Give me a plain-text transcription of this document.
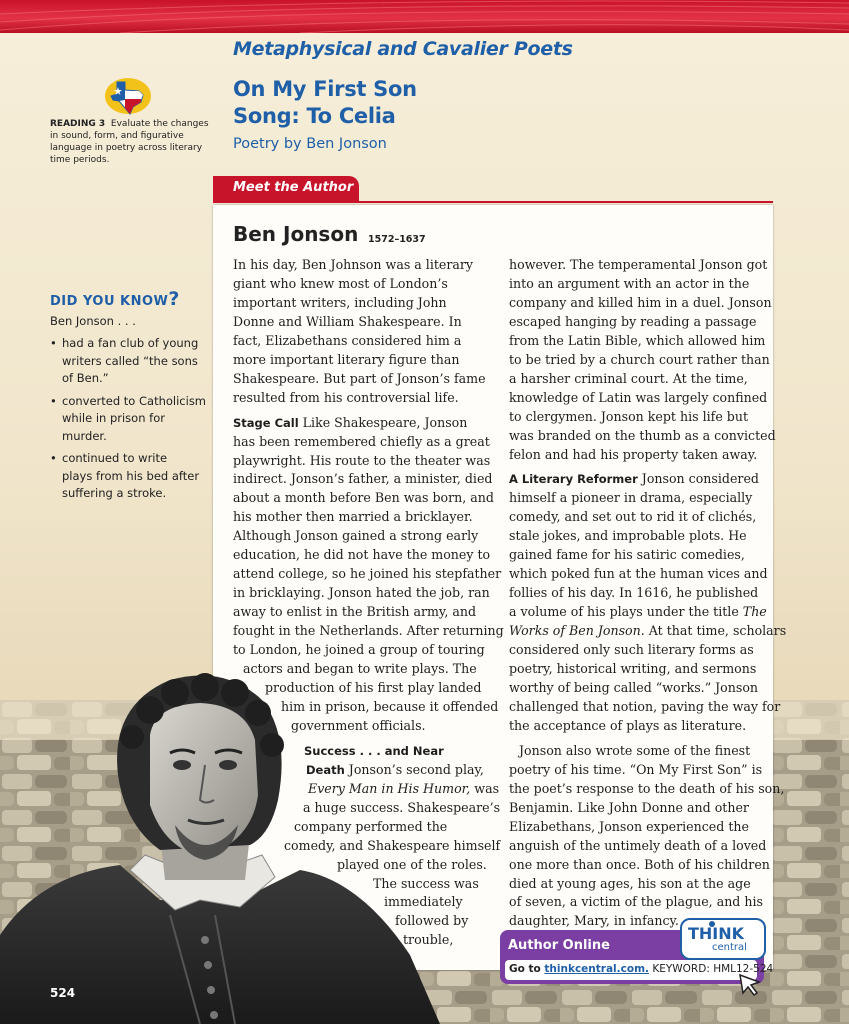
Metaphysical and Cavalier Poets
On My First Son
Song: To Celia
Poetry by Ben Jonson
READING 3 Evaluate the changes
in sound, form, and figurative
language in poetry across literary
time periods.
DID YOU KNOW?
Ben Jonson . . .
• had a fan club of young
writers called “the sons
of Ben.”
• converted to Catholicism
while in prison for
murder.
• continued to write
plays from his bed after
suffering a stroke.
Meet the Author
Ben Jonson 1572–1637

In his day, Ben Johnson was a literary
giant who knew most of London’s
important writers, including John
Donne and William Shakespeare. In
fact, Elizabethans considered him a
more important literary figure than
Shakespeare. But part of Jonson’s fame
resulted from his controversial life.

Stage Call Like Shakespeare, Jonson
has been remembered chiefly as a great
playwright. His route to the theater was
indirect. Jonson’s father, a minister, died
about a month before Ben was born, and
his mother then married a bricklayer.
Although Jonson gained a strong early
education, he did not have the money to
attend college, so he joined his stepfather
in bricklaying. Jonson hated the job, ran
away to enlist in the British army, and
fought in the Netherlands. After returning
to London, he joined a group of touring
actors and began to write plays. The
production of his first play landed
him in prison, because it offended
government officials.

Success . . . and Near
Death Jonson’s second play,
Every Man in His Humor, was
a huge success. Shakespeare’s
company performed the
comedy, and Shakespeare himself
played one of the roles.
The success was
immediately
followed by
trouble,

however. The temperamental Jonson got
into an argument with an actor in the
company and killed him in a duel. Jonson
escaped hanging by reading a passage
from the Latin Bible, which allowed him
to be tried by a church court rather than
a harsher criminal court. At the time,
knowledge of Latin was largely confined
to clergymen. Jonson kept his life but
was branded on the thumb as a convicted
felon and had his property taken away.

A Literary Reformer Jonson considered
himself a pioneer in drama, especially
comedy, and set out to rid it of clichés,
stale jokes, and improbable plots. He
gained fame for his satiric comedies,
which poked fun at the human vices and
follies of his day. In 1616, he published
a volume of his plays under the title The
Works of Ben Jonson. At that time, scholars
considered only such literary forms as
poetry, historical writing, and sermons
worthy of being called “works.” Jonson
challenged that notion, paving the way for
the acceptance of plays as literature.

Jonson also wrote some of the finest
poetry of his time. “On My First Son” is
the poet’s response to the death of his son,
Benjamin. Like John Donne and other
Elizabethans, Jonson experienced the
anguish of the untimely death of a loved
one more than once. Both of his children
died at young ages, his son at the age
of seven, a victim of the plague, and his
daughter, Mary, in infancy.

Author Online
Go to thinkcentral.com. KEYWORD: HML12-524
THINK
central
524
